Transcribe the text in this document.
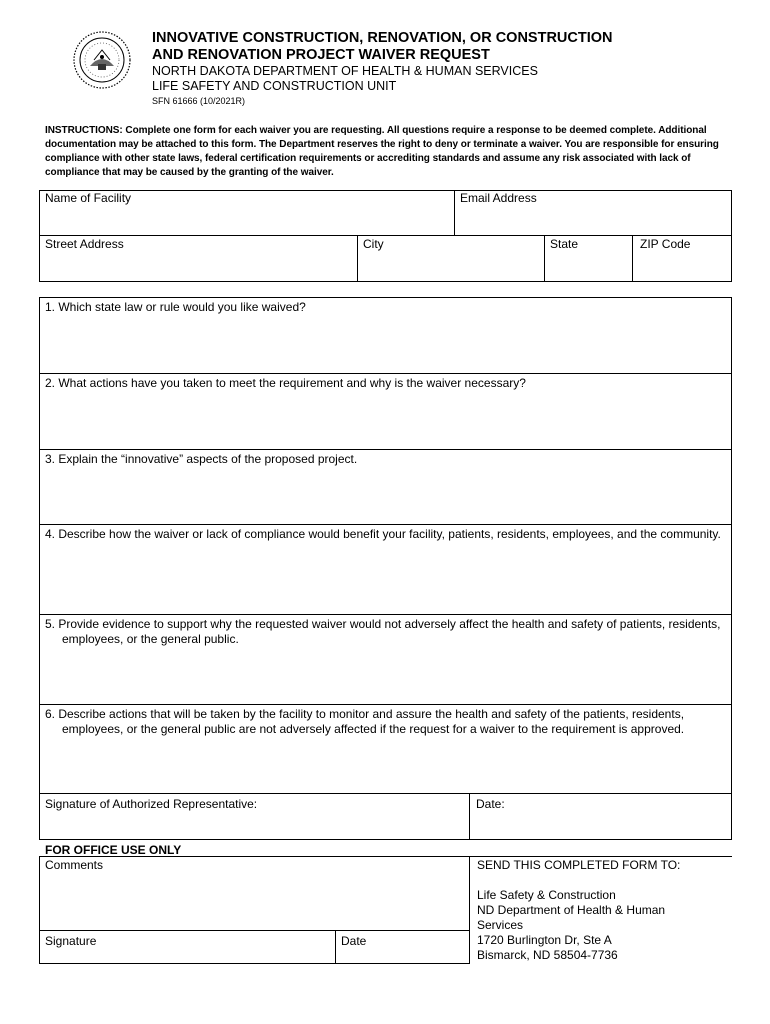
INNOVATIVE CONSTRUCTION, RENOVATION, OR CONSTRUCTION
AND RENOVATION PROJECT WAIVER REQUEST
NORTH DAKOTA DEPARTMENT OF HEALTH & HUMAN SERVICES
LIFE SAFETY AND CONSTRUCTION UNIT
SFN 61666 (10/2021R)
INSTRUCTIONS: Complete one form for each waiver you are requesting. All questions require a response to be deemed complete. Additional documentation may be attached to this form. The Department reserves the right to deny or terminate a waiver. You are responsible for ensuring compliance with other state laws, federal certification requirements or accrediting standards and assume any risk associated with lack of compliance that may be caused by the granting of the waiver.
Name of Facility	Email Address
Street Address	City	State	ZIP Code
1. Which state law or rule would you like waived?
2. What actions have you taken to meet the requirement and why is the waiver necessary?
3. Explain the “innovative” aspects of the proposed project.
4. Describe how the waiver or lack of compliance would benefit your facility, patients, residents, employees, and the community.
5. Provide evidence to support why the requested waiver would not adversely affect the health and safety of patients, residents, employees, or the general public.
6. Describe actions that will be taken by the facility to monitor and assure the health and safety of the patients, residents, employees, or the general public are not adversely affected if the request for a waiver to the requirement is approved.
Signature of Authorized Representative:	Date:
FOR OFFICE USE ONLY
Comments
Signature	Date
SEND THIS COMPLETED FORM TO:
Life Safety & Construction
ND Department of Health & Human
Services
1720 Burlington Dr, Ste A
Bismarck, ND 58504-7736
